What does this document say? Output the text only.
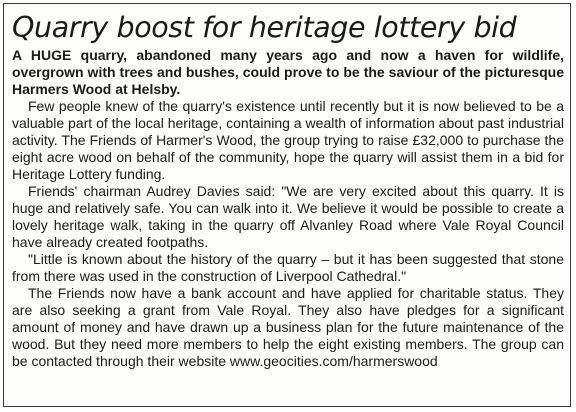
Quarry boost for heritage lottery bid

A HUGE quarry, abandoned many years ago and now a haven for wildlife, overgrown with trees and bushes, could prove to be the saviour of the picturesque Harmers Wood at Helsby.

Few people knew of the quarry's existence until recently but it is now believed to be a valuable part of the local heritage, containing a wealth of information about past industrial activity. The Friends of Harmer's Wood, the group trying to raise £32,000 to purchase the eight acre wood on behalf of the community, hope the quarry will assist them in a bid for Heritage Lottery funding.

Friends' chairman Audrey Davies said: "We are very excited about this quarry. It is huge and relatively safe. You can walk into it. We believe it would be possible to create a lovely heritage walk, taking in the quarry off Alvanley Road where Vale Royal Council have already created footpaths.

"Little is known about the history of the quarry – but it has been suggested that stone from there was used in the construction of Liverpool Cathedral."

The Friends now have a bank account and have applied for charitable status. They are also seeking a grant from Vale Royal. They also have pledges for a significant amount of money and have drawn up a business plan for the future maintenance of the wood. But they need more members to help the eight existing members. The group can be contacted through their website www.geocities.com/harmerswood
